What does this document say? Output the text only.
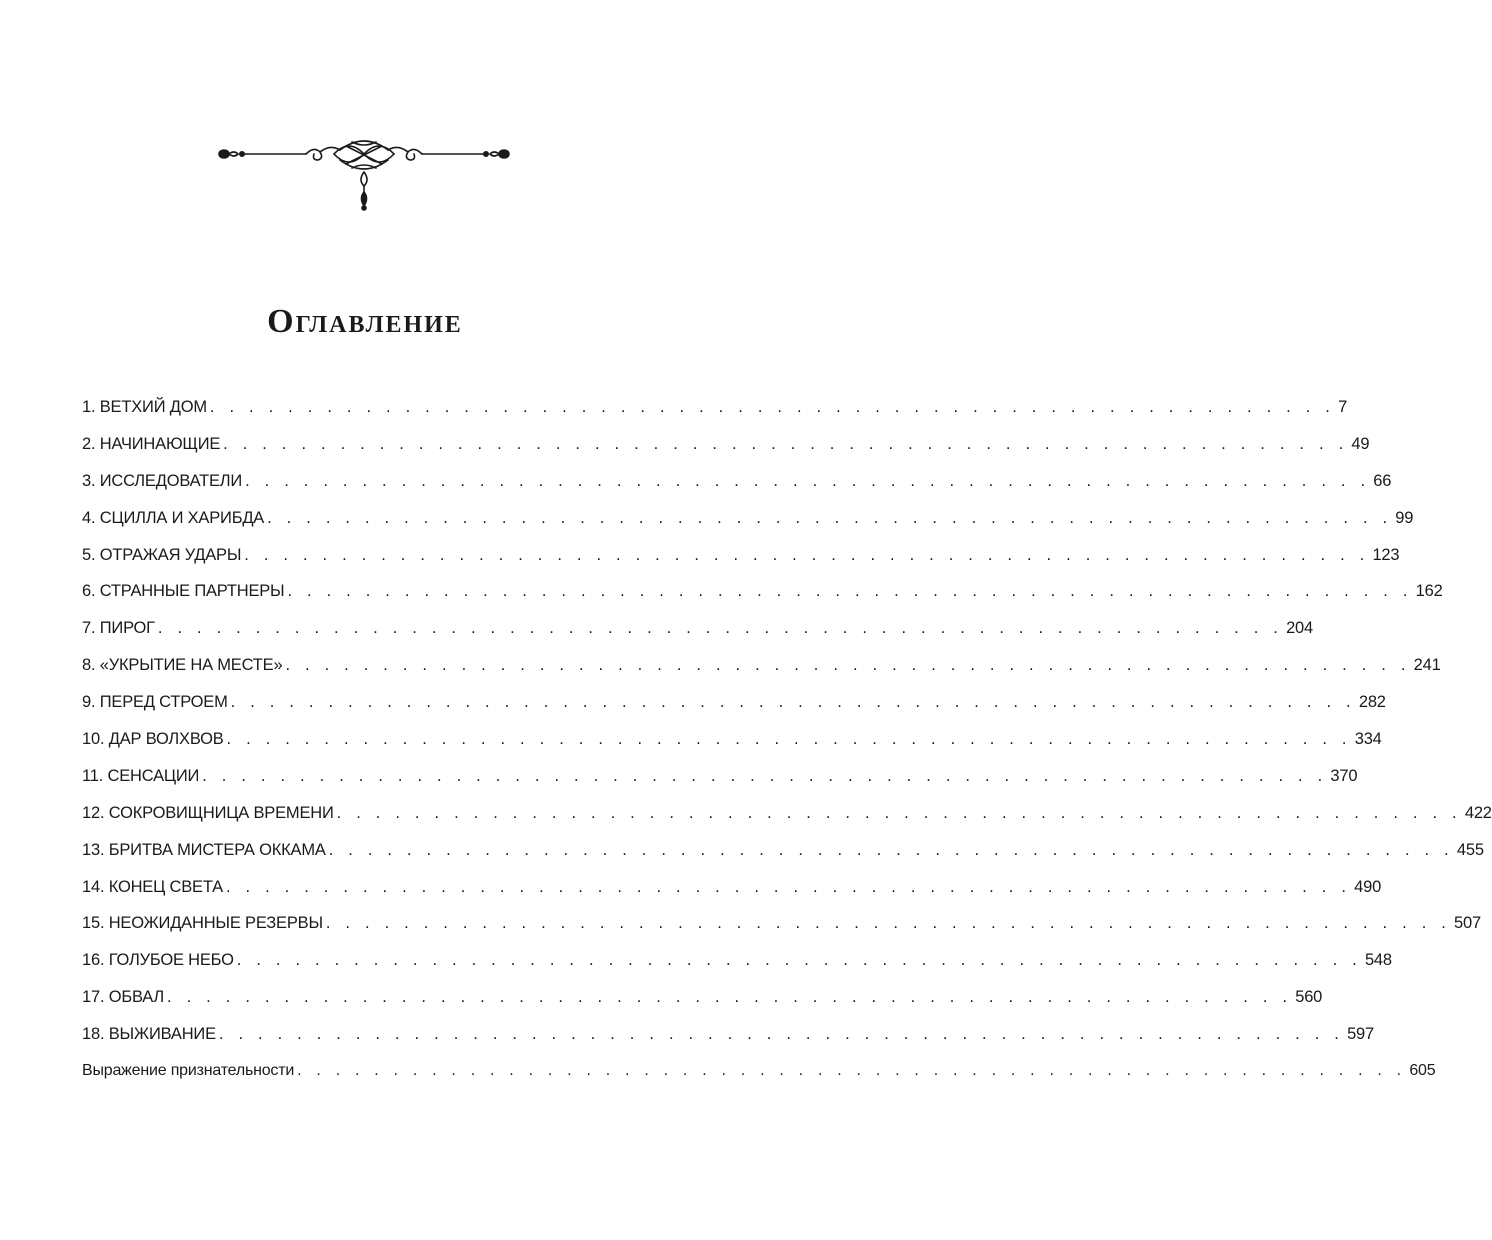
Оглавление
1. ВЕТХИЙ ДОМ . . . . . . . . . . . . . . . . . . . . . . . . . . . . . . . . . . . . . . . . . . . . . . . . . . . . . . . . . . 7
2. НАЧИНАЮЩИЕ . . . . . . . . . . . . . . . . . . . . . . . . . . . . . . . . . . . . . . . . . . . . . . . . . . . . . . . . . . 49
3. ИССЛЕДОВАТЕЛИ . . . . . . . . . . . . . . . . . . . . . . . . . . . . . . . . . . . . . . . . . . . . . . . . . . . . . . . . . . 66
4. СЦИЛЛА И ХАРИБДА . . . . . . . . . . . . . . . . . . . . . . . . . . . . . . . . . . . . . . . . . . . . . . . . . . . . . . . . . . 99
5. ОТРАЖАЯ УДАРЫ . . . . . . . . . . . . . . . . . . . . . . . . . . . . . . . . . . . . . . . . . . . . . . . . . . . . . . . . . . 123
6. СТРАННЫЕ ПАРТНЕРЫ . . . . . . . . . . . . . . . . . . . . . . . . . . . . . . . . . . . . . . . . . . . . . . . . . . . . . . . . . . 162
7. ПИРОГ . . . . . . . . . . . . . . . . . . . . . . . . . . . . . . . . . . . . . . . . . . . . . . . . . . . . . . . . . . 204
8. «УКРЫТИЕ НА МЕСТЕ» . . . . . . . . . . . . . . . . . . . . . . . . . . . . . . . . . . . . . . . . . . . . . . . . . . . . . . . . . . 241
9. ПЕРЕД СТРОЕМ . . . . . . . . . . . . . . . . . . . . . . . . . . . . . . . . . . . . . . . . . . . . . . . . . . . . . . . . . . 282
10. ДАР ВОЛХВОВ . . . . . . . . . . . . . . . . . . . . . . . . . . . . . . . . . . . . . . . . . . . . . . . . . . . . . . . . . . 334
11. СЕНСАЦИИ . . . . . . . . . . . . . . . . . . . . . . . . . . . . . . . . . . . . . . . . . . . . . . . . . . . . . . . . . . 370
12. СОКРОВИЩНИЦА ВРЕМЕНИ . . . . . . . . . . . . . . . . . . . . . . . . . . . . . . . . . . . . . . . . . . . . . . . . . . . . . . . . . . 422
13. БРИТВА МИСТЕРА ОККАМА . . . . . . . . . . . . . . . . . . . . . . . . . . . . . . . . . . . . . . . . . . . . . . . . . . . . . . . . . . 455
14. КОНЕЦ СВЕТА . . . . . . . . . . . . . . . . . . . . . . . . . . . . . . . . . . . . . . . . . . . . . . . . . . . . . . . . . . 490
15. НЕОЖИДАННЫЕ РЕЗЕРВЫ . . . . . . . . . . . . . . . . . . . . . . . . . . . . . . . . . . . . . . . . . . . . . . . . . . . . . . . . . . 507
16. ГОЛУБОЕ НЕБО . . . . . . . . . . . . . . . . . . . . . . . . . . . . . . . . . . . . . . . . . . . . . . . . . . . . . . . . . . 548
17. ОБВАЛ . . . . . . . . . . . . . . . . . . . . . . . . . . . . . . . . . . . . . . . . . . . . . . . . . . . . . . . . . . 560
18. ВЫЖИВАНИЕ . . . . . . . . . . . . . . . . . . . . . . . . . . . . . . . . . . . . . . . . . . . . . . . . . . . . . . . . . . 597
Выражение признательности . . . . . . . . . . . . . . . . . . . . . . . . . . . . . . . . . . . . . . . . . . . . . . . . . . . . . . . . . . 605
